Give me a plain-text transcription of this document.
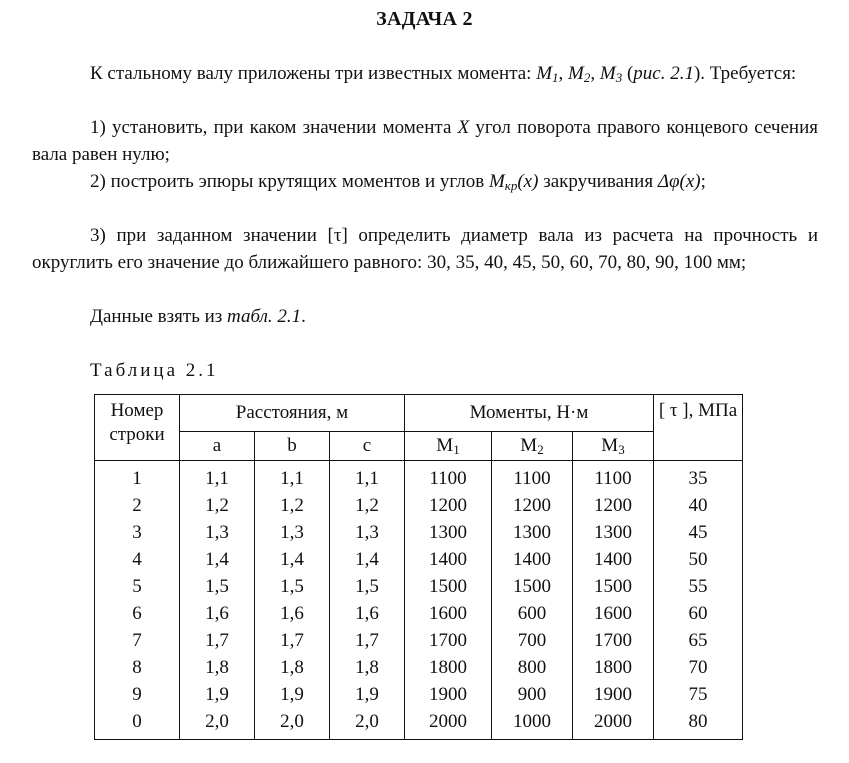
ЗАДАЧА 2
К стальному валу приложены три известных момента: $M_1$, $M_2$, $M_3$ (рис. 2.1). Требуется:
1) установить, при каком значении момента X угол поворота правого концевого сечения вала равен нулю;
2) построить эпюры крутящих моментов и углов $M_{кр}(x)$ закручивания Δφ(x);
3) при заданном значении [τ] определить диаметр вала из расчета на прочность и округлить его значение до ближайшего равного: 30, 35, 40, 45, 50, 60, 70, 80, 90, 100 мм;
Данные взять из табл. 2.1.
Таблица 2.1
Номер строки	Расстояния, м			Моменты, Н·м			[ τ ], МПа
	a	b	c	$M_1$	$M_2$	$M_3$
1	1,1	1,1	1,1	1100	1100	1100	35
2	1,2	1,2	1,2	1200	1200	1200	40
3	1,3	1,3	1,3	1300	1300	1300	45
4	1,4	1,4	1,4	1400	1400	1400	50
5	1,5	1,5	1,5	1500	1500	1500	55
6	1,6	1,6	1,6	1600	600	1600	60
7	1,7	1,7	1,7	1700	700	1700	65
8	1,8	1,8	1,8	1800	800	1800	70
9	1,9	1,9	1,9	1900	900	1900	75
0	2,0	2,0	2,0	2000	1000	2000	80
